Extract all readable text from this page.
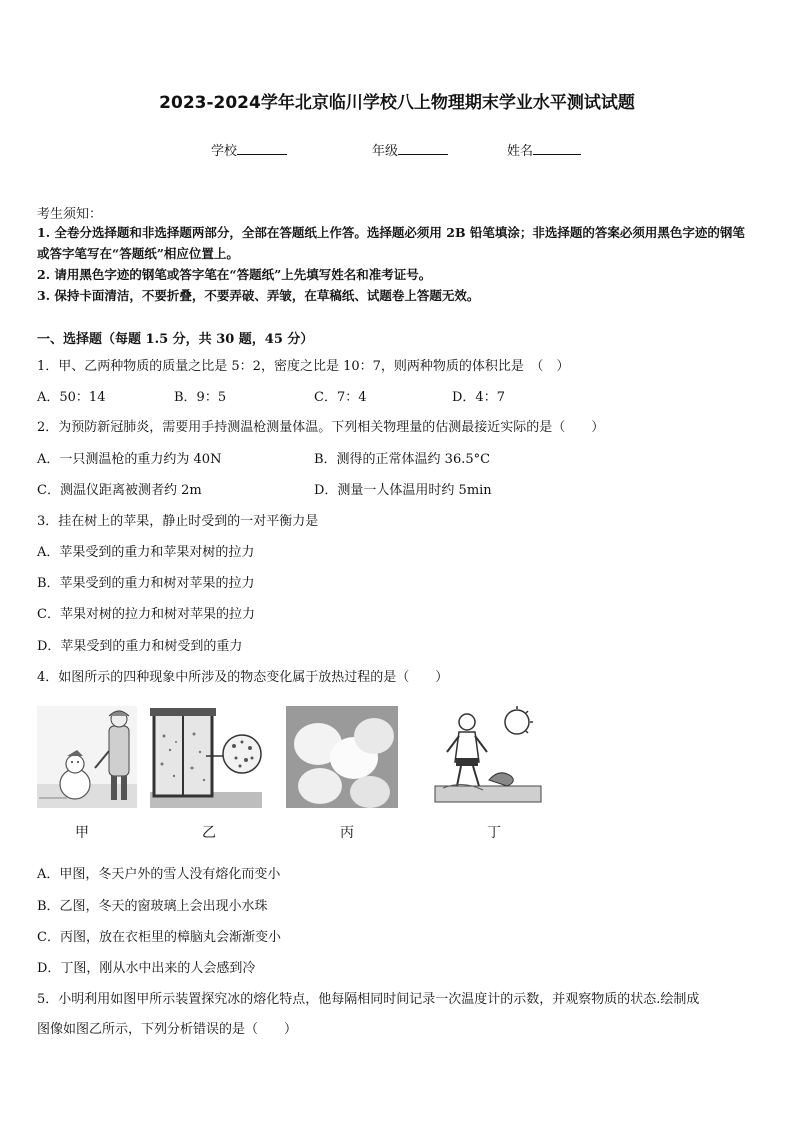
2023-2024学年北京临川学校八上物理期末学业水平测试试题
学校	年级	姓名
考生须知：
1. 全卷分选择题和非选择题两部分，全部在答题纸上作答。选择题必须用 2B 铅笔填涂；非选择题的答案必须用黑色字迹的钢笔或答字笔写在“答题纸”相应位置上。
2. 请用黑色字迹的钢笔或答字笔在“答题纸”上先填写姓名和准考证号。
3. 保持卡面清洁，不要折叠，不要弄破、弄皱，在草稿纸、试题卷上答题无效。
一、选择题（每题 1.5 分，共 30 题，45 分）
1．甲、乙两种物质的质量之比是 5：2，密度之比是 10：7，则两种物质的体积比是　（　）
A．50：14	B．9：5	C．7：4	D．4：7
2．为预防新冠肺炎，需要用手持测温枪测量体温。下列相关物理量的估测最接近实际的是（　　）
A．一只测温枪的重力约为 40N	B．测得的正常体温约 36.5°C
C．测温仪距离被测者约 2m	D．测量一人体温用时约 5min
3．挂在树上的苹果，静止时受到的一对平衡力是
A．苹果受到的重力和苹果对树的拉力
B．苹果受到的重力和树对苹果的拉力
C．苹果对树的拉力和树对苹果的拉力
D．苹果受到的重力和树受到的重力
4．如图所示的四种现象中所涉及的物态变化属于放热过程的是（　　）
甲	乙	丙	丁
A．甲图，冬天户外的雪人没有熔化而变小
B．乙图，冬天的窗玻璃上会出现小水珠
C．丙图，放在衣柜里的樟脑丸会渐渐变小
D．丁图，刚从水中出来的人会感到冷
5．小明利用如图甲所示装置探究冰的熔化特点，他每隔相同时间记录一次温度计的示数，并观察物质的状态.绘制成
图像如图乙所示，下列分析错误的是（　　）
